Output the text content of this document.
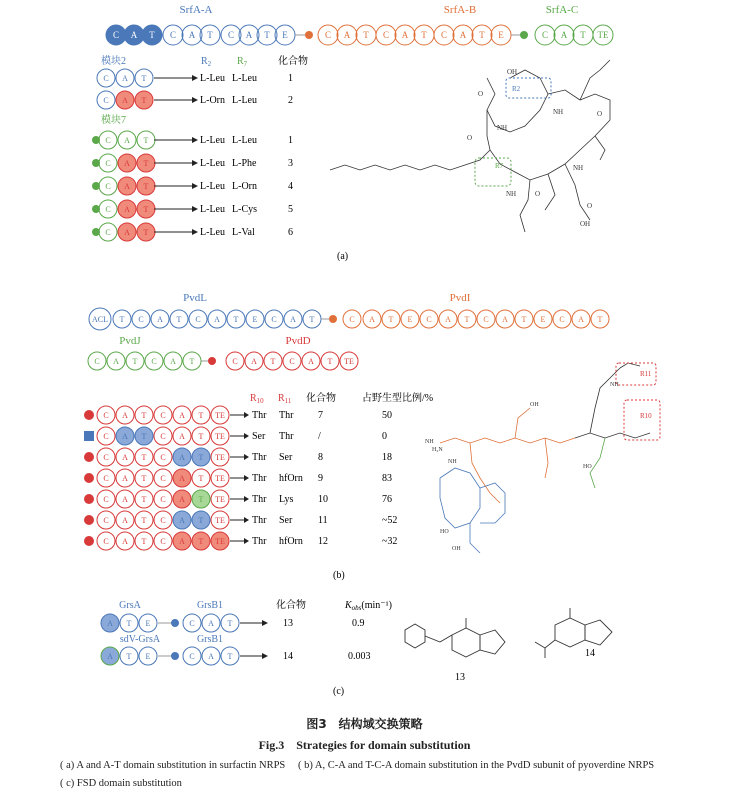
SrfA-A	SrfA-B	SrfA-C
C A T C A T C A T E	C A T C A T C A T E	C A T TE
模块2	$R_2$	$R_7$	化合物
C A T	L-Leu L-Leu	1
C A T	L-Orn L-Leu	2
模块7
C A T	L-Leu L-Leu	1
C A T	L-Leu L-Phe	3
C A T	L-Leu L-Orn	4
C A T	L-Leu L-Cys	5
C A T	L-Leu L-Val	6
R2
R7
OH
O
NH
NH	O
NH
O
NH
OH
O
O
(a)
PvdL	PvdI
ACL T C A T C A T E C A T	C A T E C A T C A T E C A T
PvdJ	PvdD
C A T C A T	C A T C A T TE
$R_{10}$ $R_{11}$ 化合物	占野生型比例/%
C A T C A T TE	Thr Thr 7	50
C A T C A T TE	Ser Thr /	0
C A T C A T TE	Thr Ser	8	18
C A T C A T TE	Thr hfOrn 9	83
C A T C A T TE	Thr Lys 10	76
C A T C A T TE	Thr Ser	11	~52
C A T C A T TE	Thr hfOrn 12	~32
R11
R10
NH
H₂N
NH
OH
NH
OH
HO
HO
(b)
GrsA	GrsB1	化合物	$K_{obs}(\min^{-1})$
A T E	C A T	13	0.9
sdV-GrsA	GrsB1
A T E	C A T	14	0.003
13
14
(c)
图3　结构域交换策略
Fig.3　Strategies for domain substitution
( a) A and A-T domain substitution in surfactin NRPS ( b) A, C-A and T-C-A domain substitution in the PvdD subunit of pyoverdine NRPS
( c) FSD domain substitution
